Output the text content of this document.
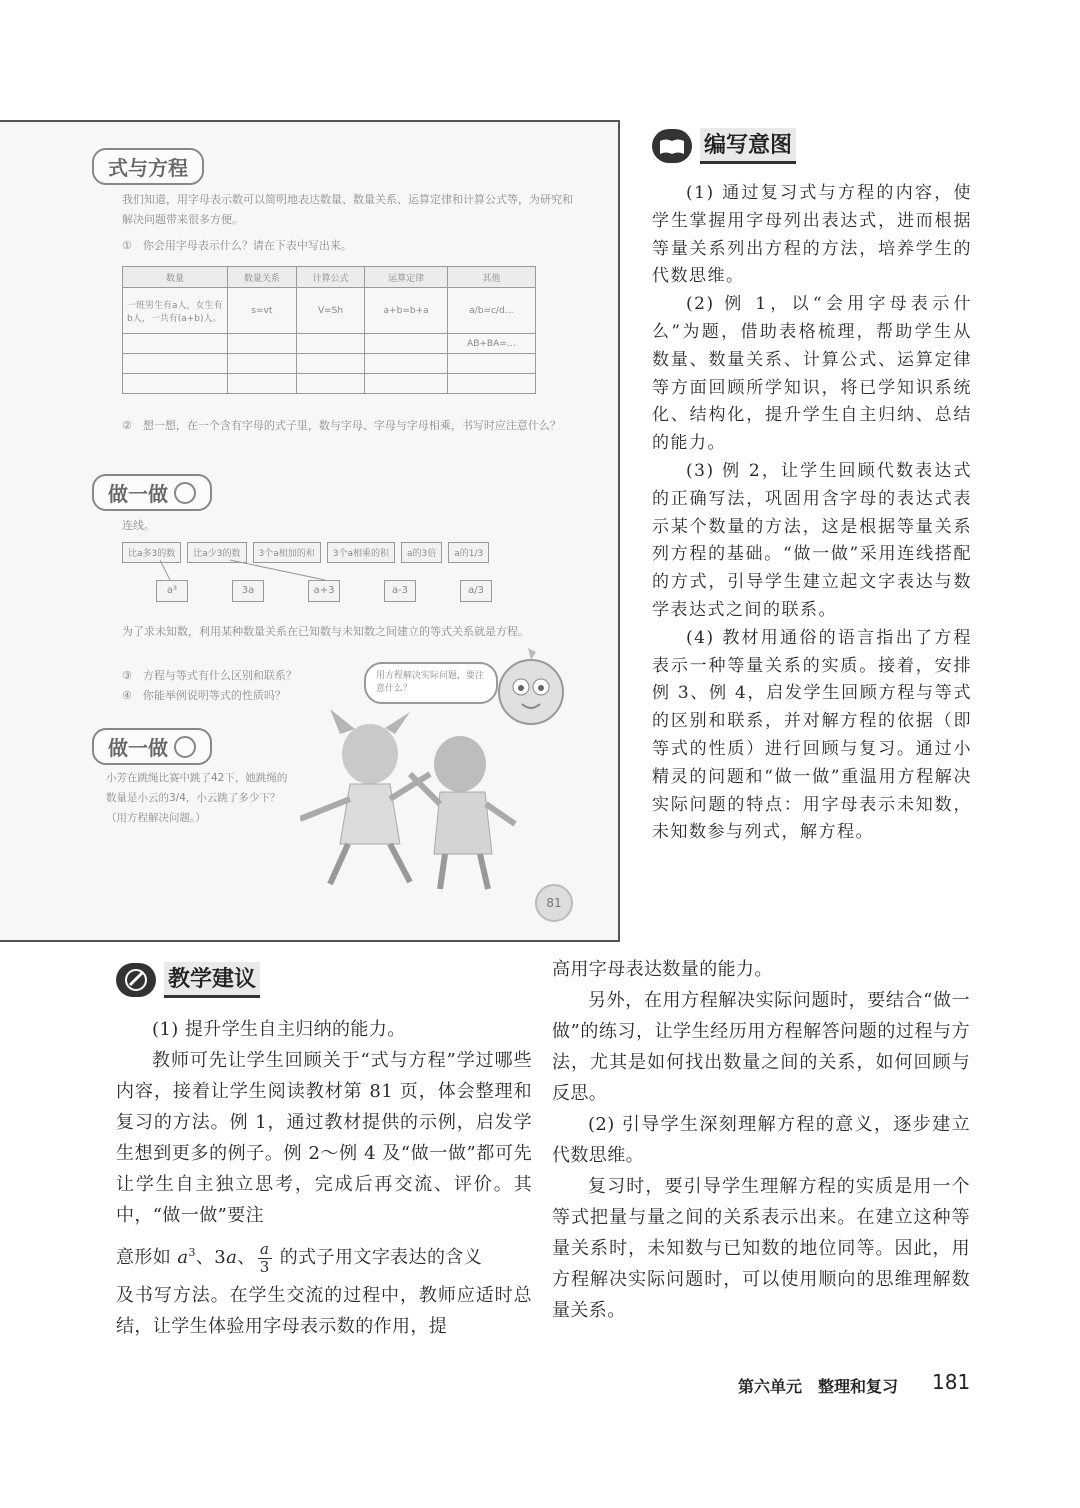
式与方程
我们知道，用字母表示数可以简明地表达数量、数量关系、运算定律和计算公式等，为研究和解决问题带来很多方便。
①　你会用字母表示什么？请在下表中写出来。
数量	数量关系	计算公式	运算定律	其他
一班男生有a人，女生有b人，一共有(a+b)人。	s=vt	V=Sh	a+b=b+a	a/b=c/d…
				AB+BA=…

②　想一想，在一个含有字母的式子里，数与字母、字母与字母相乘，书写时应注意什么？
做一做
连线。
比a多3的数	比a少3的数	3个a相加的和	3个a相乘的积	a的3倍	a的1/3
a³	3a	a+3	a-3	a/3
为了求未知数，利用某种数量关系在已知数与未知数之间建立的等式关系就是方程。
③　方程与等式有什么区别和联系？
④　你能举例说明等式的性质吗？
用方程解决实际问题，要注意什么？
做一做
小芳在跳绳比赛中跳了42下，她跳绳的数量是小云的3/4，小云跳了多少下？（用方程解决问题。）
81
编写意图

(1) 通过复习式与方程的内容，使学生掌握用字母列出表达式，进而根据等量关系列出方程的方法，培养学生的代数思维。

(2) 例 1，以“会用字母表示什么”为题，借助表格梳理，帮助学生从数量、数量关系、计算公式、运算定律等方面回顾所学知识，将已学知识系统化、结构化，提升学生自主归纳、总结的能力。

(3) 例 2，让学生回顾代数表达式的正确写法，巩固用含字母的表达式表示某个数量的方法，这是根据等量关系列方程的基础。“做一做”采用连线搭配的方式，引导学生建立起文字表达与数学表达式之间的联系。

(4) 教材用通俗的语言指出了方程表示一种等量关系的实质。接着，安排例 3、例 4，启发学生回顾方程与等式的区别和联系，并对解方程的依据（即等式的性质）进行回顾与复习。通过小精灵的问题和“做一做”重温用方程解决实际问题的特点：用字母表示未知数，未知数参与列式，解方程。

教学建议

(1) 提升学生自主归纳的能力。

教师可先让学生回顾关于“式与方程”学过哪些内容，接着让学生阅读教材第 81 页，体会整理和复习的方法。例 1，通过教材提供的示例，启发学生想到更多的例子。例 2～例 4 及“做一做”都可先让学生自主独立思考，完成后再交流、评价。其中，“做一做”要注

意形如 $a^3$、3a、 $\frac{a}{3}$ 的式子用文字表达的含义

及书写方法。在学生交流的过程中，教师应适时总结，让学生体验用字母表示数的作用，提

高用字母表达数量的能力。

另外，在用方程解决实际问题时，要结合“做一做”的练习，让学生经历用方程解答问题的过程与方法，尤其是如何找出数量之间的关系，如何回顾与反思。

(2) 引导学生深刻理解方程的意义，逐步建立代数思维。

复习时，要引导学生理解方程的实质是用一个等式把量与量之间的关系表示出来。在建立这种等量关系时，未知数与已知数的地位同等。因此，用方程解决实际问题时，可以使用顺向的思维理解数量关系。

第六单元　整理和复习 181
